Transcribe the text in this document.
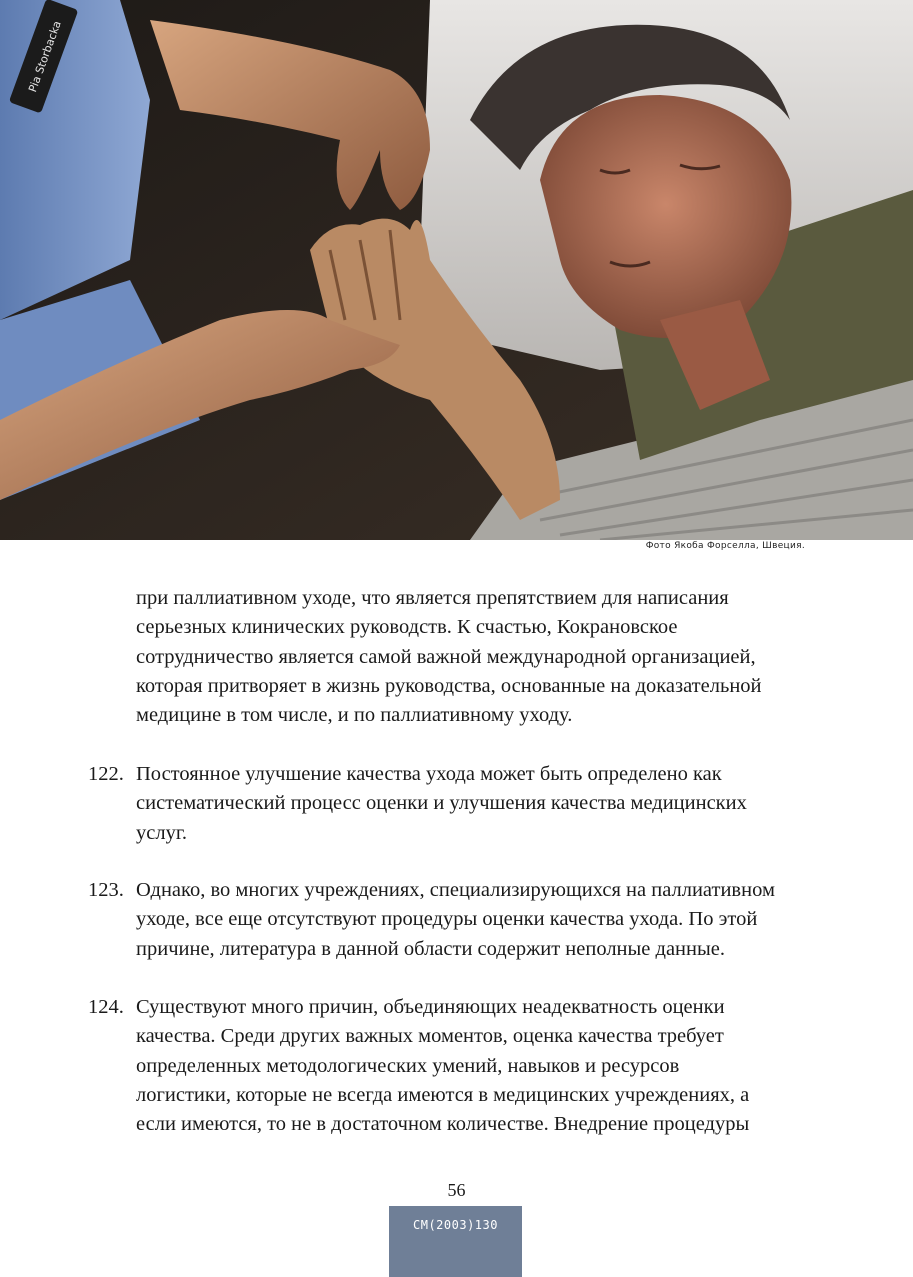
Pia Storbacka
Фото Якоба Форселла, Швеция.
при паллиативном уходе, что является препятствием для написания
серьезных клинических руководств. К счастью, Кокрановское
сотрудничество является самой важной международной организацией,
которая притворяет в жизнь руководства, основанные на доказательной
медицине в том числе, и по паллиативному уходу.
122. Постоянное улучшение качества ухода может быть определено как
систематический процесс оценки и улучшения качества медицинских
услуг.
123. Однако, во многих учреждениях, специализирующихся на паллиативном
уходе, все еще отсутствуют процедуры оценки качества ухода. По этой
причине, литература в данной области содержит неполные данные.
124. Существуют много причин, объединяющих неадекватность оценки
качества. Среди других важных моментов, оценка качества требует
определенных методологических умений, навыков и ресурсов
логистики, которые не всегда имеются в медицинских учреждениях, а
если имеются, то не в достаточном количестве. Внедрение процедуры
56
CM(2003)130
